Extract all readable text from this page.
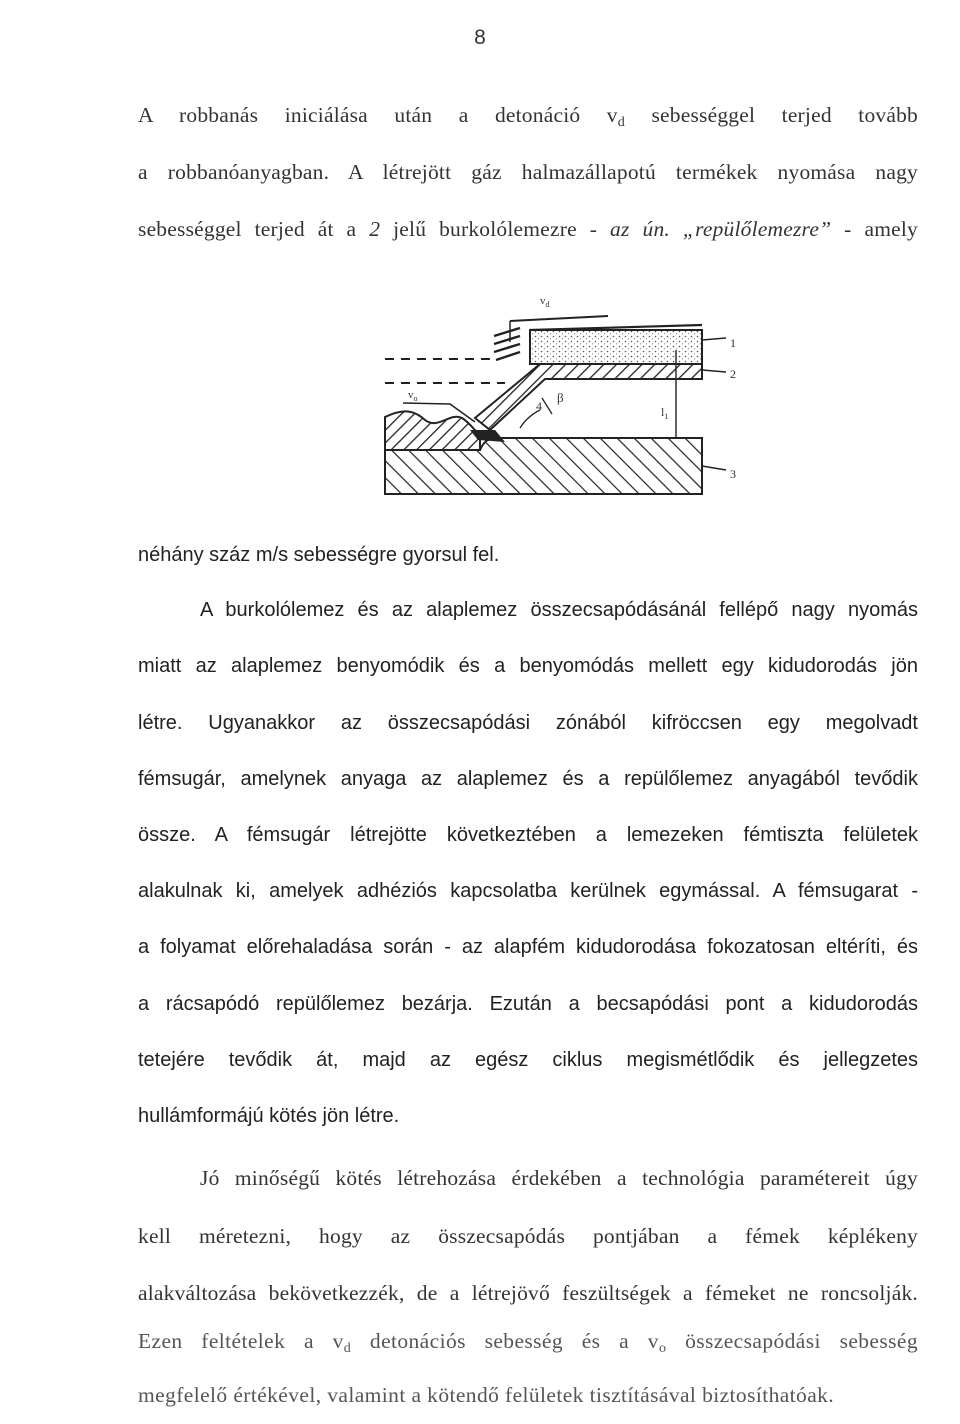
8
A robbanás iniciálása után a detonáció $v_d$ sebességgel terjed tovább
a robbanóanyagban. A létrejött gáz halmazállapotú termékek nyomása nagy
sebességgel terjed át a 2 jelű burkolólemezre - az ún. „repülőlemezre” - amely
$v_d$
$v_o$
4
β
$l_1$
1
2
3
néhány száz m/s sebességre gyorsul fel.
A burkolólemez és az alaplemez összecsapódásánál fellépő nagy nyomás
miatt az alaplemez benyomódik és a benyomódás mellett egy kidudorodás jön
létre. Ugyanakkor az összecsapódási zónából kifröccsen egy megolvadt
fémsugár, amelynek anyaga az alaplemez és a repülőlemez anyagából tevődik
össze. A fémsugár létrejötte következtében a lemezeken fémtiszta felületek
alakulnak ki, amelyek adhéziós kapcsolatba kerülnek egymással. A fémsugarat -
a folyamat előrehaladása során - az alapfém kidudorodása fokozatosan eltéríti, és
a rácsapódó repülőlemez bezárja. Ezután a becsapódási pont a kidudorodás
tetejére tevődik át, majd az egész ciklus megismétlődik és jellegzetes
hullámformájú kötés jön létre.
Jó minőségű kötés létrehozása érdekében a technológia paramétereit úgy
kell méretezni, hogy az összecsapódás pontjában a fémek képlékeny
alakváltozása bekövetkezzék, de a létrejövő feszültségek a fémeket ne roncsolják.
Ezen feltételek a $v_d$ detonációs sebesség és a $v_o$ összecsapódási sebesség
megfelelő értékével, valamint a kötendő felületek tisztításával biztosíthatóak.
